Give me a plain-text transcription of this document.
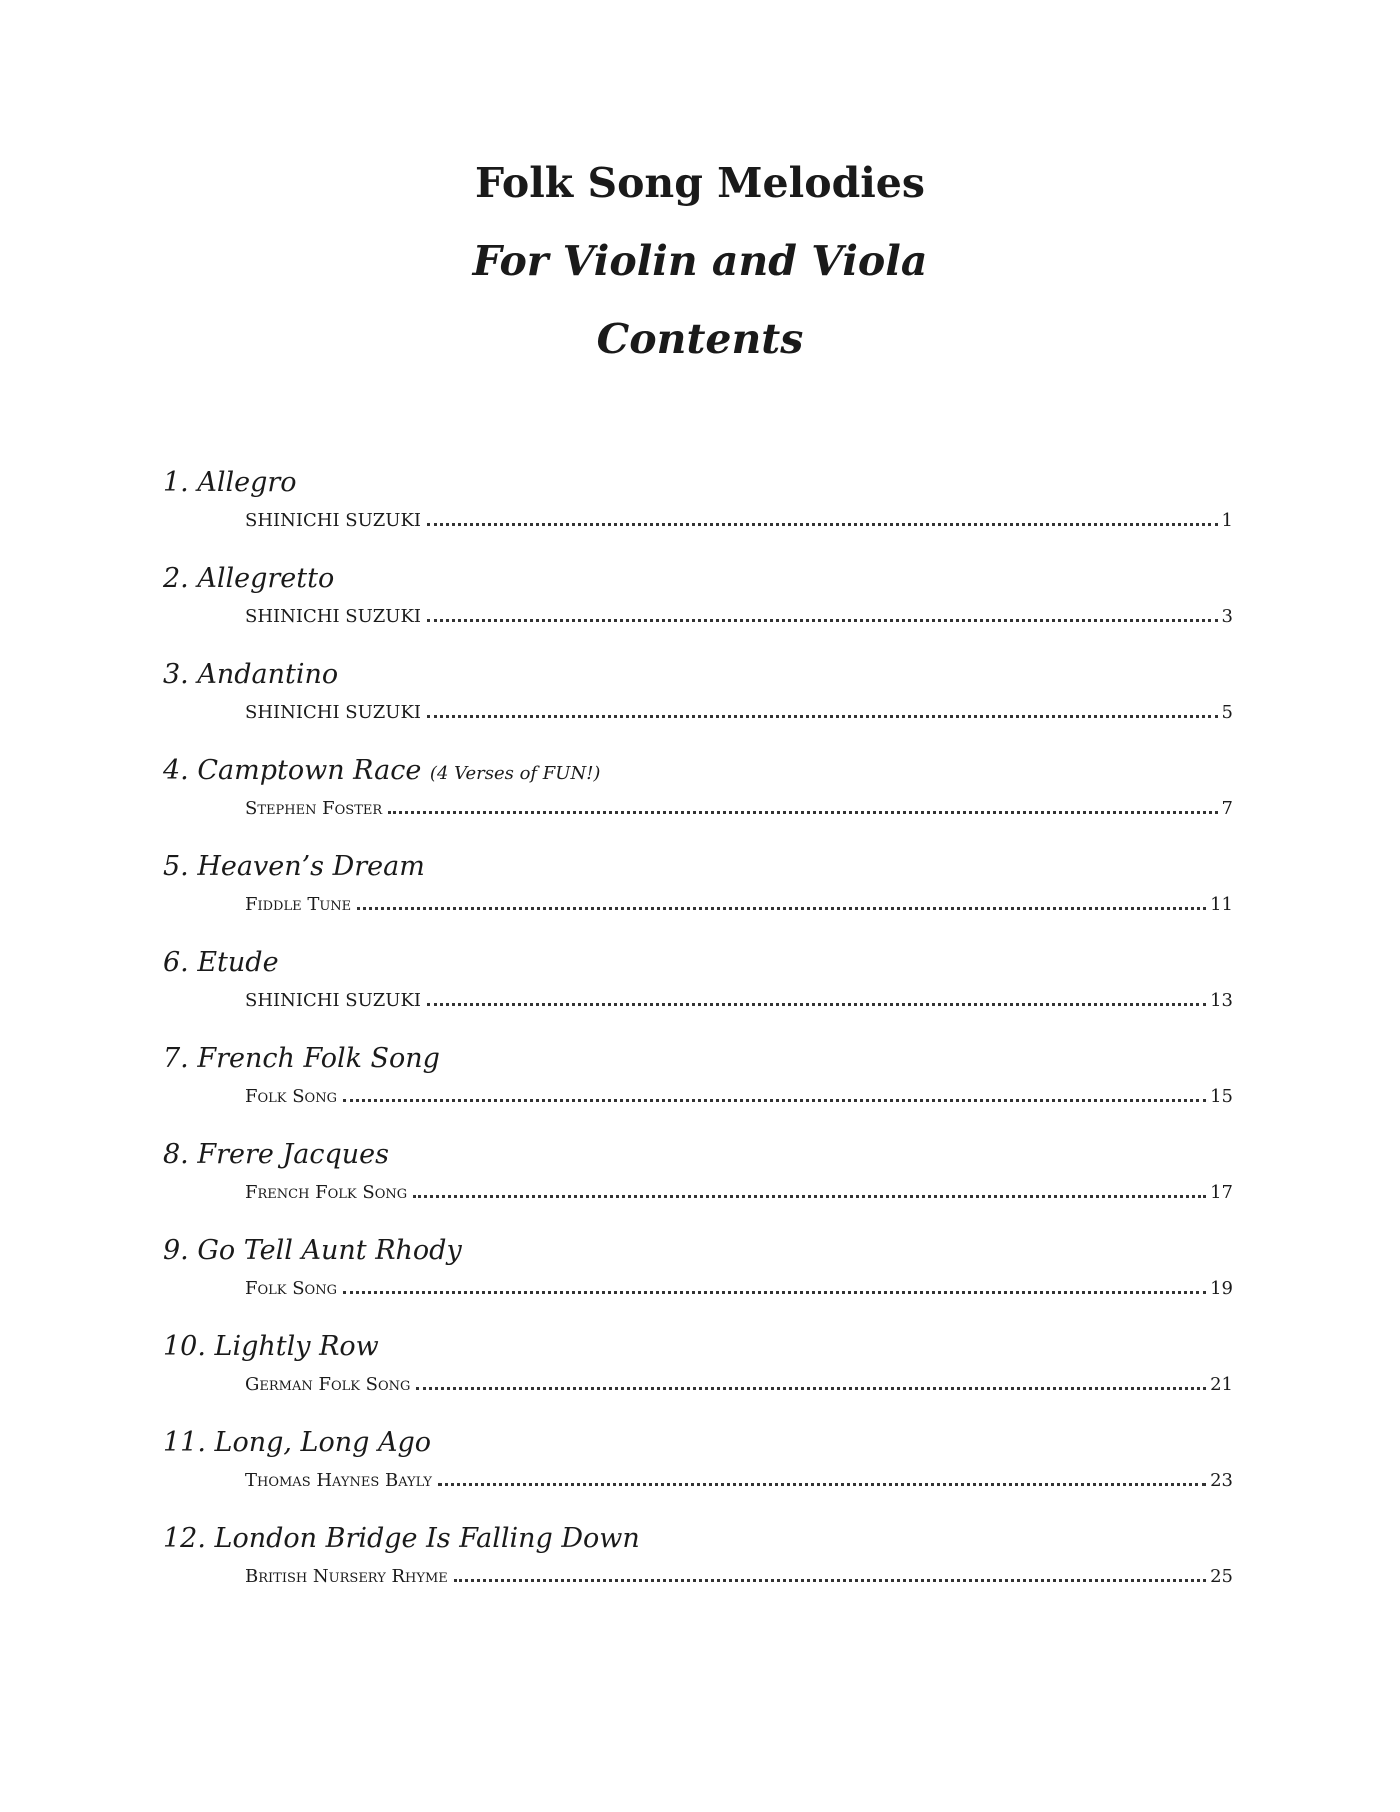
Folk Song Melodies
For Violin and Viola
Contents
1. Allegro
SHINICHI SUZUKI	1
2. Allegretto
SHINICHI SUZUKI	3
3. Andantino
SHINICHI SUZUKI	5
4. Camptown Race (4 Verses of FUN!)
Stephen Foster	7
5. Heaven’s Dream
Fiddle Tune	11
6. Etude
SHINICHI SUZUKI	13
7. French Folk Song
Folk Song	15
8. Frere Jacques
French Folk Song	17
9. Go Tell Aunt Rhody
Folk Song	19
10. Lightly Row
German Folk Song	21
11. Long, Long Ago
Thomas Haynes Bayly	23
12. London Bridge Is Falling Down
British Nursery Rhyme	25
